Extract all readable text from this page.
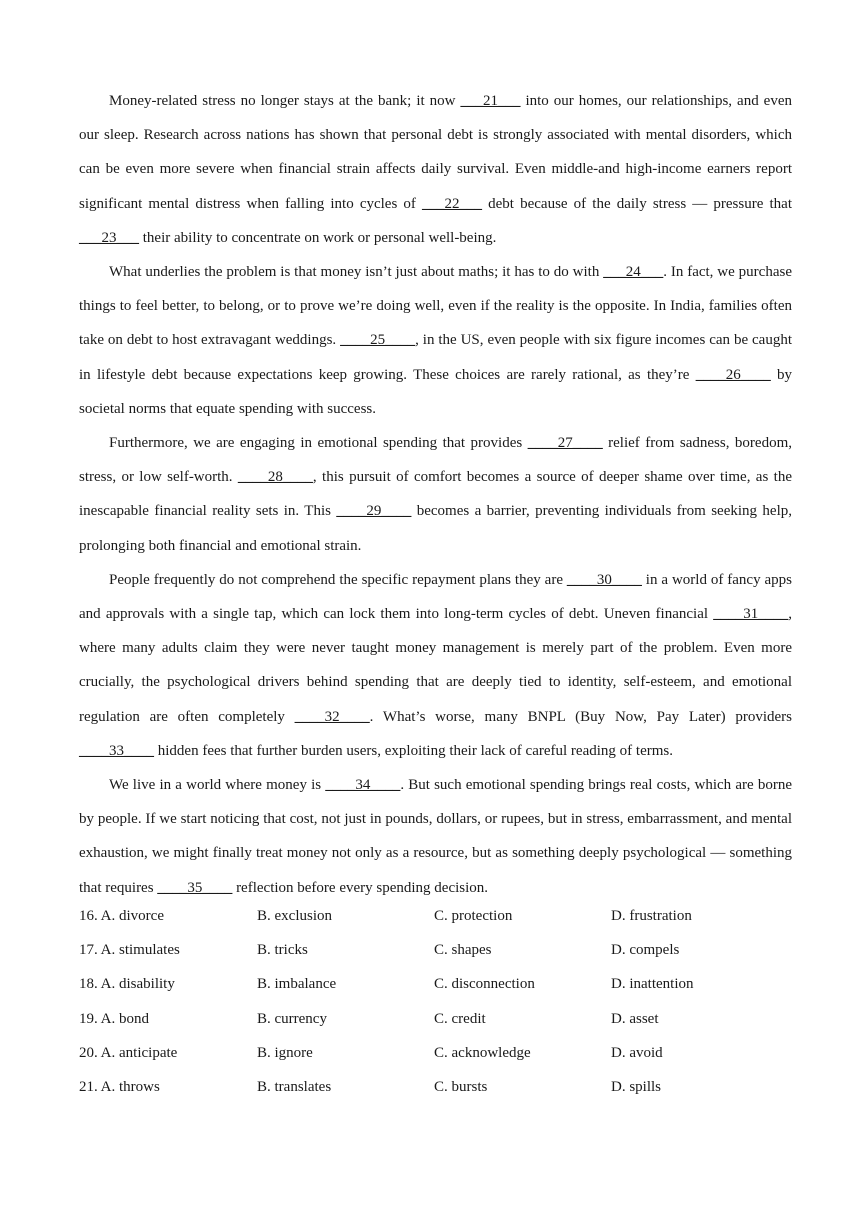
Money-related stress no longer stays at the bank; it now ___21___ into our homes, our relationships, and even our sleep. Research across nations has shown that personal debt is strongly associated with mental disorders, which can be even more severe when financial strain affects daily survival. Even middle-and high-income earners report significant mental distress when falling into cycles of ___22___ debt because of the daily stress — pressure that ___23___ their ability to concentrate on work or personal well-being.

What underlies the problem is that money isn’t just about maths; it has to do with ___24___. In fact, we purchase things to feel better, to belong, or to prove we’re doing well, even if the reality is the opposite. In India, families often take on debt to host extravagant weddings. ____25____, in the US, even people with six figure incomes can be caught in lifestyle debt because expectations keep growing. These choices are rarely rational, as they’re ____26____ by societal norms that equate spending with success.

Furthermore, we are engaging in emotional spending that provides ____27____ relief from sadness, boredom, stress, or low self-worth. ____28____, this pursuit of comfort becomes a source of deeper shame over time, as the inescapable financial reality sets in. This ____29____ becomes a barrier, preventing individuals from seeking help, prolonging both financial and emotional strain.

People frequently do not comprehend the specific repayment plans they are ____30____ in a world of fancy apps and approvals with a single tap, which can lock them into long-term cycles of debt. Uneven financial ____31____, where many adults claim they were never taught money management is merely part of the problem. Even more crucially, the psychological drivers behind spending that are deeply tied to identity, self-esteem, and emotional regulation are often completely ____32____. What’s worse, many BNPL (Buy Now, Pay Later) providers ____33____ hidden fees that further burden users, exploiting their lack of careful reading of terms.

We live in a world where money is ____34____. But such emotional spending brings real costs, which are borne by people. If we start noticing that cost, not just in pounds, dollars, or rupees, but in stress, embarrassment, and mental exhaustion, we might finally treat money not only as a resource, but as something deeply psychological — something that requires ____35____ reflection before every spending decision.

16. A. divorce	B. exclusion	C. protection	D. frustration
17. A. stimulates	B. tricks	C. shapes	D. compels
18. A. disability	B. imbalance	C. disconnection	D. inattention
19. A. bond	B. currency	C. credit	D. asset
20. A. anticipate	B. ignore	C. acknowledge	D. avoid
21. A. throws	B. translates	C. bursts	D. spills
